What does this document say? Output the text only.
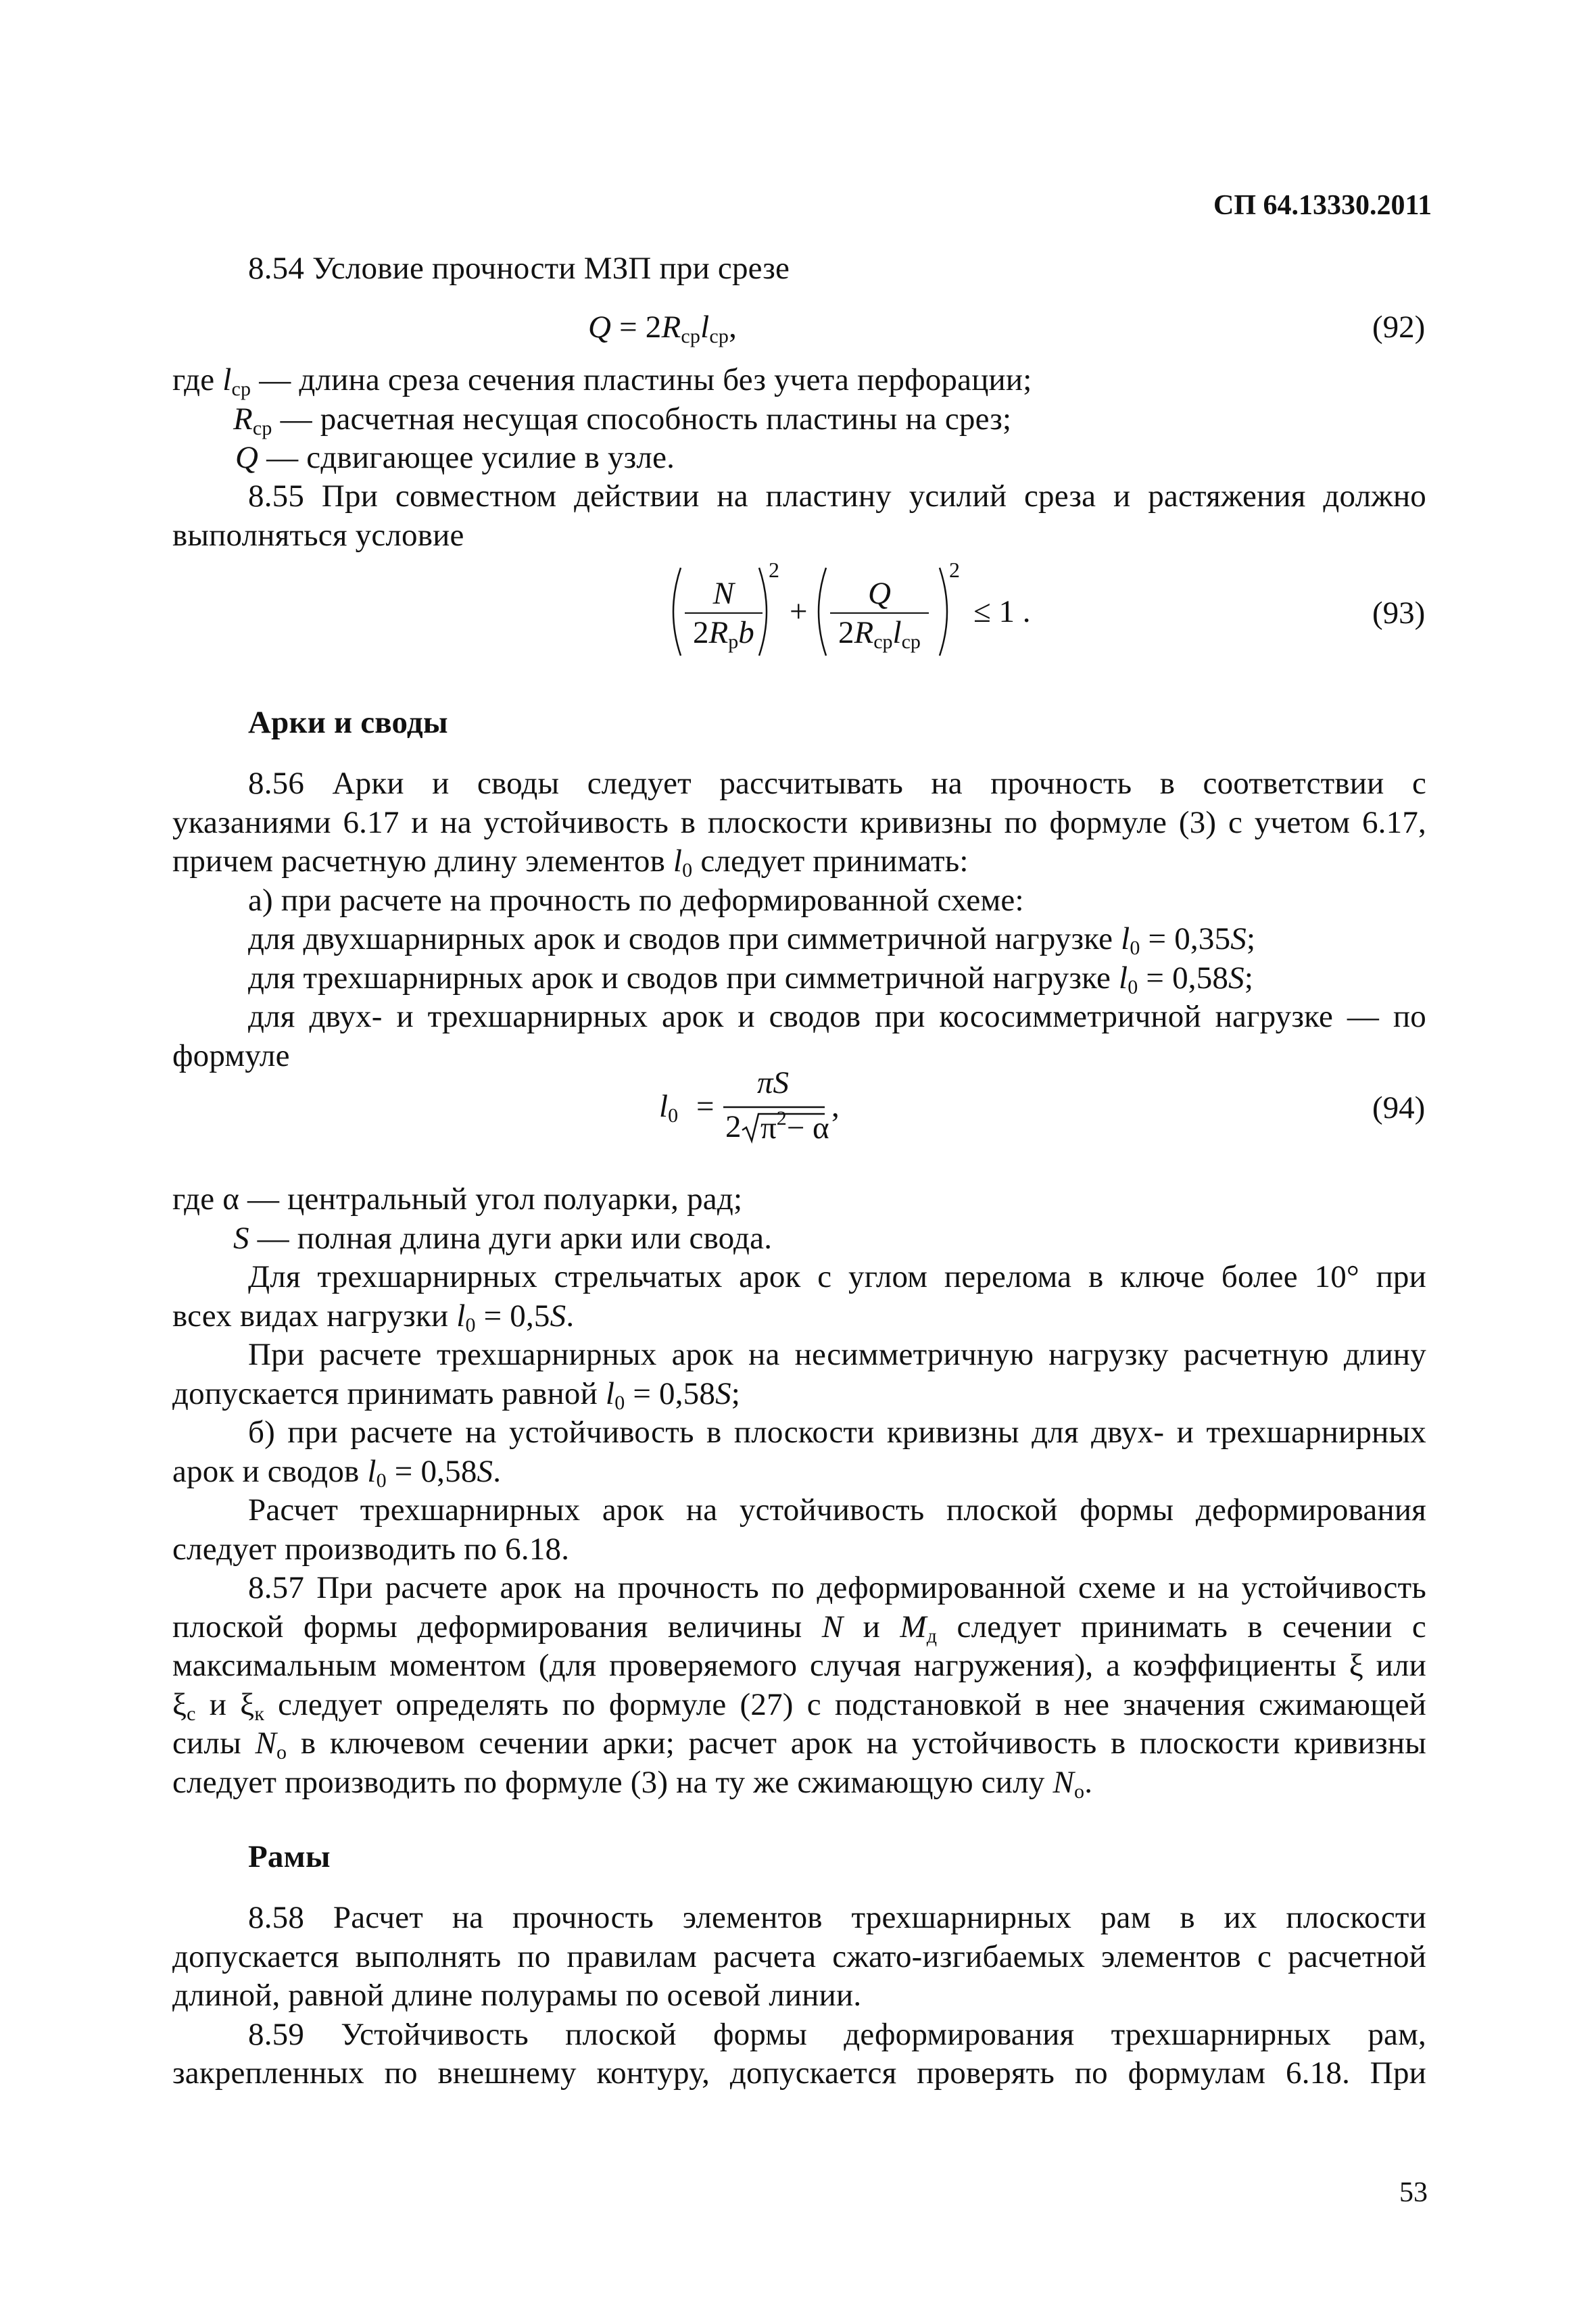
СП 64.13330.2011
8.54 Условие прочности МЗП при срезе
$Q = 2R_{ср}l_{ср}$,	(92)
где $l_{ср}$ — длина среза сечения пластины без учета перфорации;
$R_{ср}$ — расчетная несущая способность пластины на срез;
Q — сдвигающее усилие в узле.
8.55 При совместном действии на пластину усилий среза и растяжения должно
выполняться условие
N
$2R_рb$
2
+
Q
$2R_{ср}l_{ср}$
2
≤ 1 .	(93)
Арки и своды
8.56 Арки и своды следует рассчитывать на прочность в соответствии с
указаниями 6.17 и на устойчивость в плоскости кривизны по формуле (3) с учетом 6.17,
причем расчетную длину элементов $l_0$ следует принимать:
а) при расчете на прочность по деформированной схеме:
для двухшарнирных арок и сводов при симметричной нагрузке $l_0 = 0,35S$;
для трехшарнирных арок и сводов при симметричной нагрузке $l_0 = 0,58S$;
для двух- и трехшарнирных арок и сводов при кососимметричной нагрузке — по
формуле
$l_0$ =
πS
2 $\pi^2- \alpha$
,	(94)
где α — центральный угол полуарки, рад;
S — полная длина дуги арки или свода.
Для трехшарнирных стрельчатых арок с углом перелома в ключе более 10° при
всех видах нагрузки $l_0 = 0,5S$.
При расчете трехшарнирных арок на несимметричную нагрузку расчетную длину
допускается принимать равной $l_0 = 0,58S$;
б) при расчете на устойчивость в плоскости кривизны для двух- и трехшарнирных
арок и сводов $l_0 = 0,58S$.
Расчет трехшарнирных арок на устойчивость плоской формы деформирования
следует производить по 6.18.
8.57 При расчете арок на прочность по деформированной схеме и на устойчивость
плоской формы деформирования величины N и $M_д$ следует принимать в сечении с
максимальным моментом (для проверяемого случая нагружения), а коэффициенты ξ или
$\xi_с$ и $\xi_к$ следует определять по формуле (27) с подстановкой в нее значения сжимающей
силы $N_о$ в ключевом сечении арки; расчет арок на устойчивость в плоскости кривизны
следует производить по формуле (3) на ту же сжимающую силу $N_о$.
Рамы
8.58 Расчет на прочность элементов трехшарнирных рам в их плоскости
допускается выполнять по правилам расчета сжато-изгибаемых элементов с расчетной
длиной, равной длине полурамы по осевой линии.
8.59 Устойчивость плоской формы деформирования трехшарнирных рам,
закрепленных по внешнему контуру, допускается проверять по формулам 6.18. При
53
